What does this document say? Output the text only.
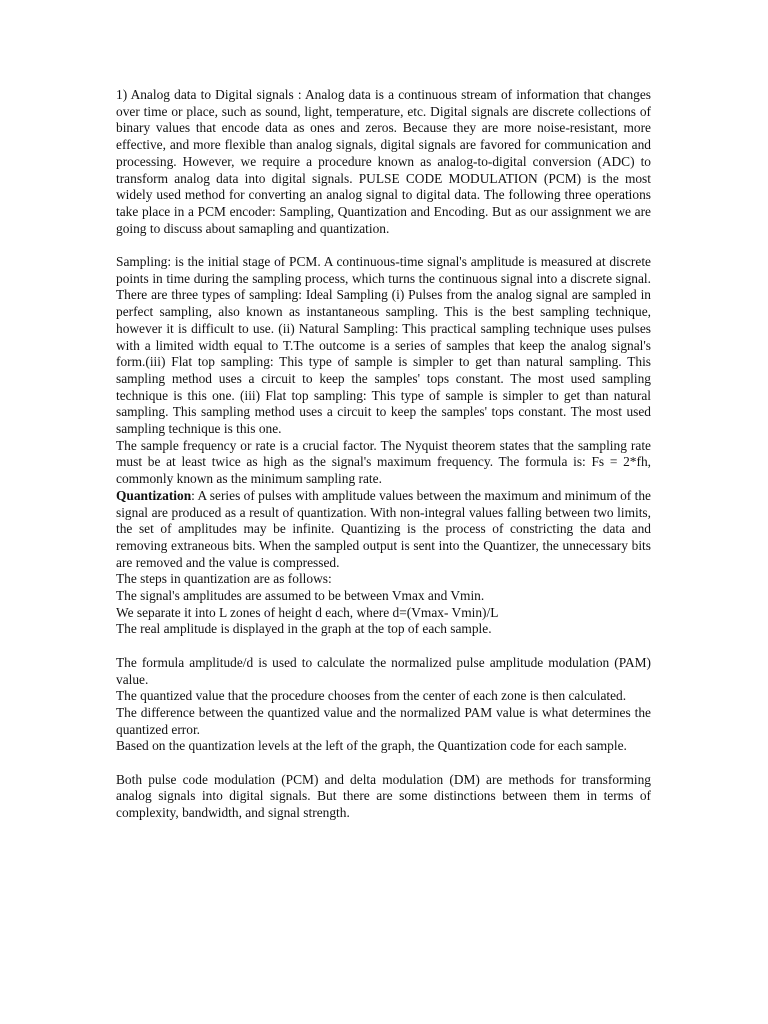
1) Analog data to Digital signals : Analog data is a continuous stream of information that changes over time or place, such as sound, light, temperature, etc. Digital signals are discrete collections of binary values that encode data as ones and zeros. Because they are more noise-resistant, more effective, and more flexible than analog signals, digital signals are favored for communication and processing. However, we require a procedure known as analog-to-digital conversion (ADC) to transform analog data into digital signals. PULSE CODE MODULATION (PCM) is the most widely used method for converting an analog signal to digital data. The following three operations take place in a PCM encoder: Sampling, Quantization and Encoding. But as our assignment we are going to discuss about samapling and quantization.

Sampling: is the initial stage of PCM. A continuous-time signal's amplitude is measured at discrete points in time during the sampling process, which turns the continuous signal into a discrete signal. There are three types of sampling: Ideal Sampling (i) Pulses from the analog signal are sampled in perfect sampling, also known as instantaneous sampling. This is the best sampling technique, however it is difficult to use. (ii) Natural Sampling: This practical sampling technique uses pulses with a limited width equal to T.The outcome is a series of samples that keep the analog signal's form.(iii) Flat top sampling: This type of sample is simpler to get than natural sampling. This sampling method uses a circuit to keep the samples' tops constant. The most used sampling technique is this one. (iii) Flat top sampling: This type of sample is simpler to get than natural sampling. This sampling method uses a circuit to keep the samples' tops constant. The most used sampling technique is this one.

The sample frequency or rate is a crucial factor. The Nyquist theorem states that the sampling rate must be at least twice as high as the signal's maximum frequency. The formula is: Fs = 2*fh, commonly known as the minimum sampling rate.

Quantization: A series of pulses with amplitude values between the maximum and minimum of the signal are produced as a result of quantization. With non-integral values falling between two limits, the set of amplitudes may be infinite. Quantizing is the process of constricting the data and removing extraneous bits. When the sampled output is sent into the Quantizer, the unnecessary bits are removed and the value is compressed.

The steps in quantization are as follows:

The signal's amplitudes are assumed to be between Vmax and Vmin.

We separate it into L zones of height d each, where d=(Vmax- Vmin)/L

The real amplitude is displayed in the graph at the top of each sample.

The formula amplitude/d is used to calculate the normalized pulse amplitude modulation (PAM) value.

The quantized value that the procedure chooses from the center of each zone is then calculated.

The difference between the quantized value and the normalized PAM value is what determines the quantized error.

Based on the quantization levels at the left of the graph, the Quantization code for each sample.

Both pulse code modulation (PCM) and delta modulation (DM) are methods for transforming analog signals into digital signals. But there are some distinctions between them in terms of complexity, bandwidth, and signal strength.
